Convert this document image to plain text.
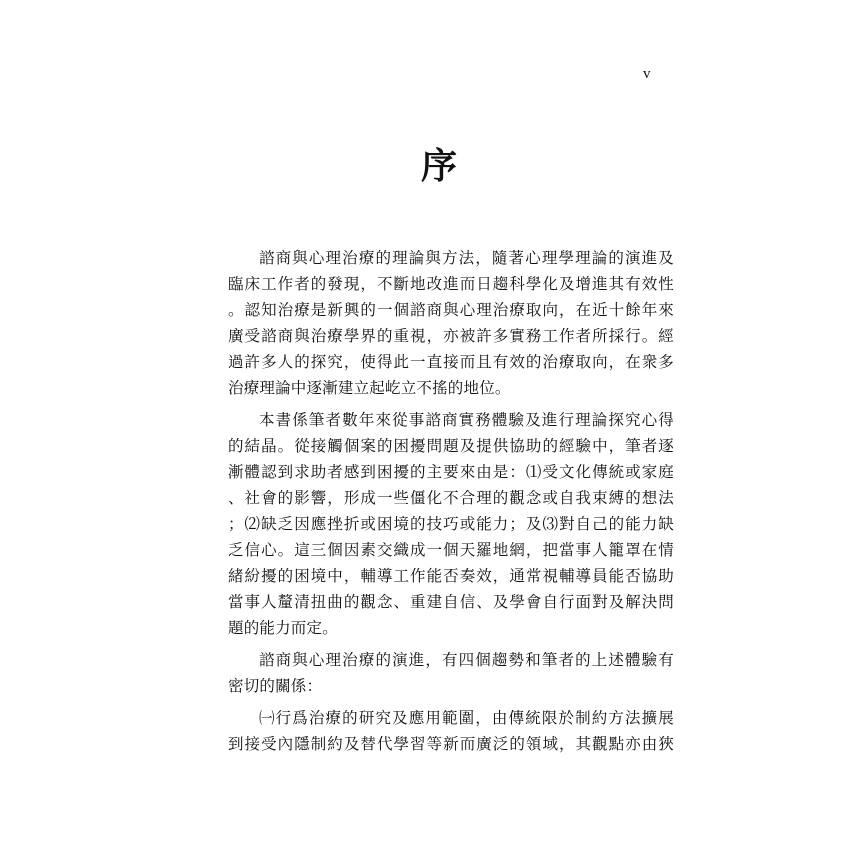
v
序
諮商與心理治療的理論與方法，隨著心理學理論的演進及
臨床工作者的發現，不斷地改進而日趨科學化及增進其有效性
。認知治療是新興的一個諮商與心理治療取向，在近十餘年來
廣受諮商與治療學界的重視，亦被許多實務工作者所採行。經
過許多人的探究，使得此一直接而且有效的治療取向，在衆多
治療理論中逐漸建立起屹立不搖的地位。
本書係筆者數年來從事諮商實務體驗及進行理論探究心得
的結晶。從接觸個案的困擾問題及提供協助的經驗中，筆者逐
漸體認到求助者感到困擾的主要來由是：⑴受文化傳統或家庭
、社會的影響，形成一些僵化不合理的觀念或自我束縛的想法
；⑵缺乏因應挫折或困境的技巧或能力；及⑶對自己的能力缺
乏信心。這三個因素交織成一個天羅地網，把當事人籠罩在情
緒紛擾的困境中，輔導工作能否奏效，通常視輔導員能否協助
當事人釐清扭曲的觀念、重建自信、及學會自行面對及解決問
題的能力而定。
諮商與心理治療的演進，有四個趨勢和筆者的上述體驗有
密切的關係：
㈠行爲治療的研究及應用範圍，由傳統限於制約方法擴展
到接受內隱制約及替代學習等新而廣泛的領域，其觀點亦由狹
